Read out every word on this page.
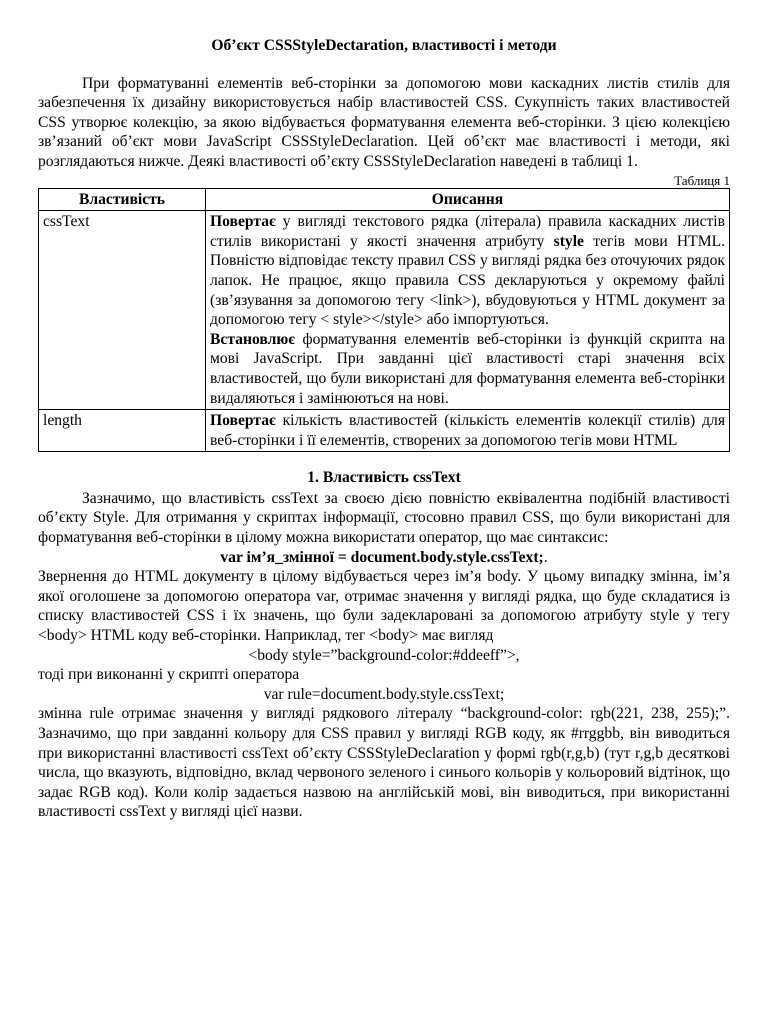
Об’єкт CSSStyleDectaration, властивості і методи

При форматуванні елементів веб-сторінки за допомогою мови каскадних листів стилів для забезпечення їх дизайну використовується набір властивостей CSS. Сукупність таких властивостей CSS утворює колекцію, за якою відбувається форматування елемента веб-сторінки. З цією колекцією зв’язаний об’єкт мови JavaScript CSSStyleDeclaration. Цей об’єкт має властивості і методи, які розглядаються нижче. Деякі властивості об’єкту CSSStyleDeclaration наведені в таблиці 1.

Таблиця 1
Властивість	Описання
cssText	Повертає у вигляді текстового рядка (літерала) правила каскадних листів стилів використані у якості значення атрибуту style тегів мови HTML. Повністю відповідає тексту правил CSS у вигляді рядка без оточуючих рядок лапок. Не працює, якщо правила CSS декларуються у окремому файлі (зв’язування за допомогою тегу <link>), вбудовуються у HTML документ за допомогою тегу < style></style> або імпортуються.
Встановлює форматування елементів веб-сторінки із функцій скрипта на мові JavaScript. При завданні цієї властивості старі значення всіх властивостей, що були використані для форматування елемента веб-сторінки видаляються і замінюються на нові.

length	Повертає кількість властивостей (кількість елементів колекції стилів) для веб-сторінки і її елементів, створених за допомогою тегів мови HTML
1. Властивість cssText

Зазначимо, що властивість cssText за своєю дією повністю еквівалентна подібній властивості об’єкту Style. Для отримання у скриптах інформації, стосовно правил CSS, що були використані для форматування веб-сторінки в цілому можна використати оператор, що має синтаксис:

var ім’я_змінної = document.body.style.cssText;.

Звернення до HTML документу в цілому відбувається через ім’я body. У цьому випадку змінна, ім’я якої оголошене за допомогою оператора var, отримає значення у вигляді рядка, що буде складатися із списку властивостей CSS і їх значень, що були задекларовані за допомогою атрибуту style у тегу <body> HTML коду веб-сторінки. Наприклад, тег <body> має вигляд

<body style=”background-color:#ddeeff”>,

тоді при виконанні у скрипті оператора

var rule=document.body.style.cssText;

змінна rule отримає значення у вигляді рядкового літералу “background-color: rgb(221, 238, 255);”. Зазначимо, що при завданні кольору для CSS правил у вигляді RGB коду, як #rrggbb, він виводиться при використанні властивості cssText об’єкту CSSStyleDeclaration у формі rgb(r,g,b) (тут r,g,b десяткові числа, що вказують, відповідно, вклад червоного зеленого і синього кольорів у кольоровий відтінок, що задає RGB код). Коли колір задається назвою на англійській мові, він виводиться, при використанні властивості cssText у вигляді цієї назви.
